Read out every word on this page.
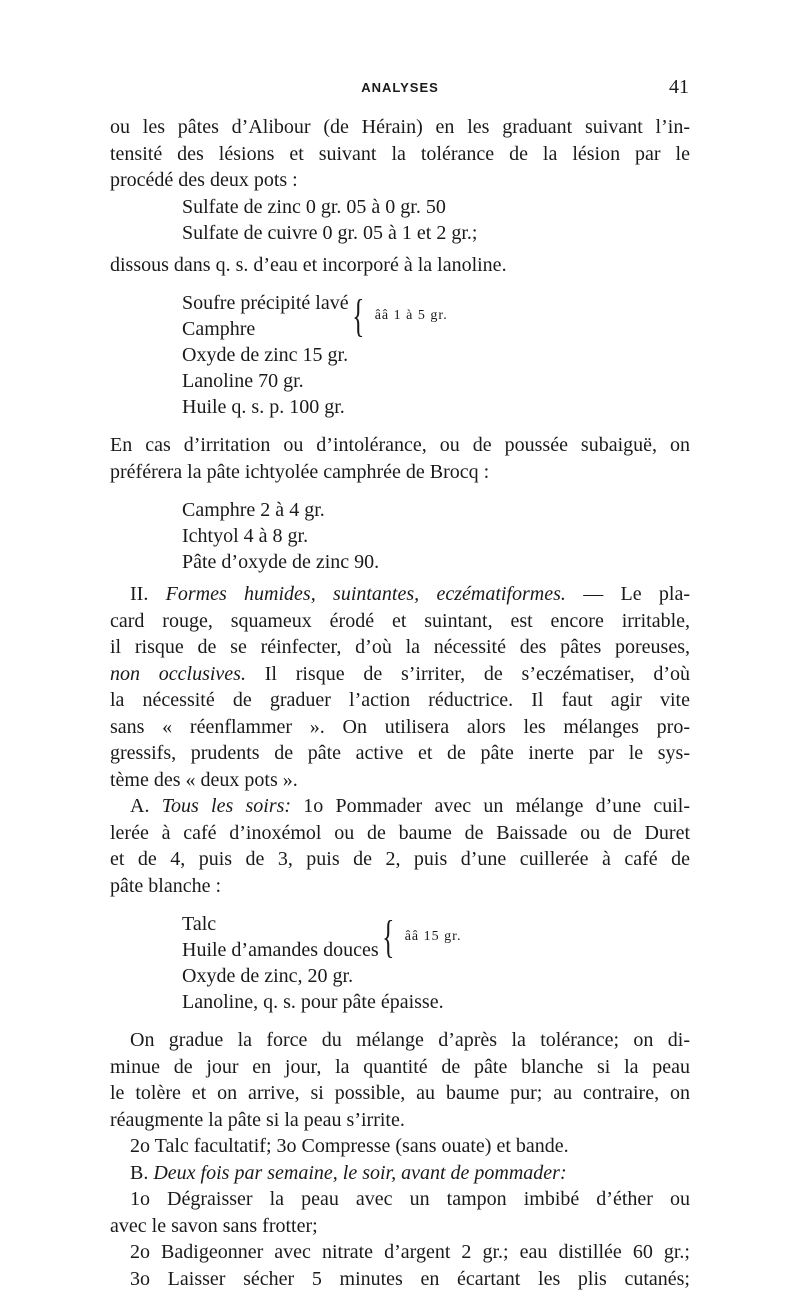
ANALYSES	41

ou les pâtes d’Alibour (de Hérain) en les graduant suivant l’in-

tensité des lésions et suivant la tolérance de la lésion par le

procédé des deux pots :

Sulfate de zinc 0 gr. 05 à 0 gr. 50

Sulfate de cuivre 0 gr. 05 à 1 et 2 gr.;

dissous dans q. s. d’eau et incorporé à la lanoline.

Soufre précipité lavé
Camphre	{ ââ 1 à 5 gr.

Oxyde de zinc 15 gr.

Lanoline 70 gr.

Huile q. s. p. 100 gr.

En cas d’irritation ou d’intolérance, ou de poussée subaiguë, on

préférera la pâte ichtyolée camphrée de Brocq :

Camphre 2 à 4 gr.

Ichtyol 4 à 8 gr.

Pâte d’oxyde de zinc 90.

II. Formes humides, suintantes, eczématiformes. — Le pla-

card rouge, squameux érodé et suintant, est encore irritable,

il risque de se réinfecter, d’où la nécessité des pâtes poreuses,

non occlusives. Il risque de s’irriter, de s’eczématiser, d’où

la nécessité de graduer l’action réductrice. Il faut agir vite

sans « réenflammer ». On utilisera alors les mélanges pro-

gressifs, prudents de pâte active et de pâte inerte par le sys-

tème des « deux pots ».

A. Tous les soirs: 1o Pommader avec un mélange d’une cuil-

lerée à café d’inoxémol ou de baume de Baissade ou de Duret

et de 4, puis de 3, puis de 2, puis d’une cuillerée à café de

pâte blanche :

Talc
Huile d’amandes douces { ââ 15 gr.

Oxyde de zinc, 20 gr.

Lanoline, q. s. pour pâte épaisse.

On gradue la force du mélange d’après la tolérance; on di-

minue de jour en jour, la quantité de pâte blanche si la peau

le tolère et on arrive, si possible, au baume pur; au contraire, on

réaugmente la pâte si la peau s’irrite.

2o Talc facultatif; 3o Compresse (sans ouate) et bande.

B. Deux fois par semaine, le soir, avant de pommader:

1o Dégraisser la peau avec un tampon imbibé d’éther ou

avec le savon sans frotter;

2o Badigeonner avec nitrate d’argent 2 gr.; eau distillée 60 gr.;

3o Laisser sécher 5 minutes en écartant les plis cutanés;
